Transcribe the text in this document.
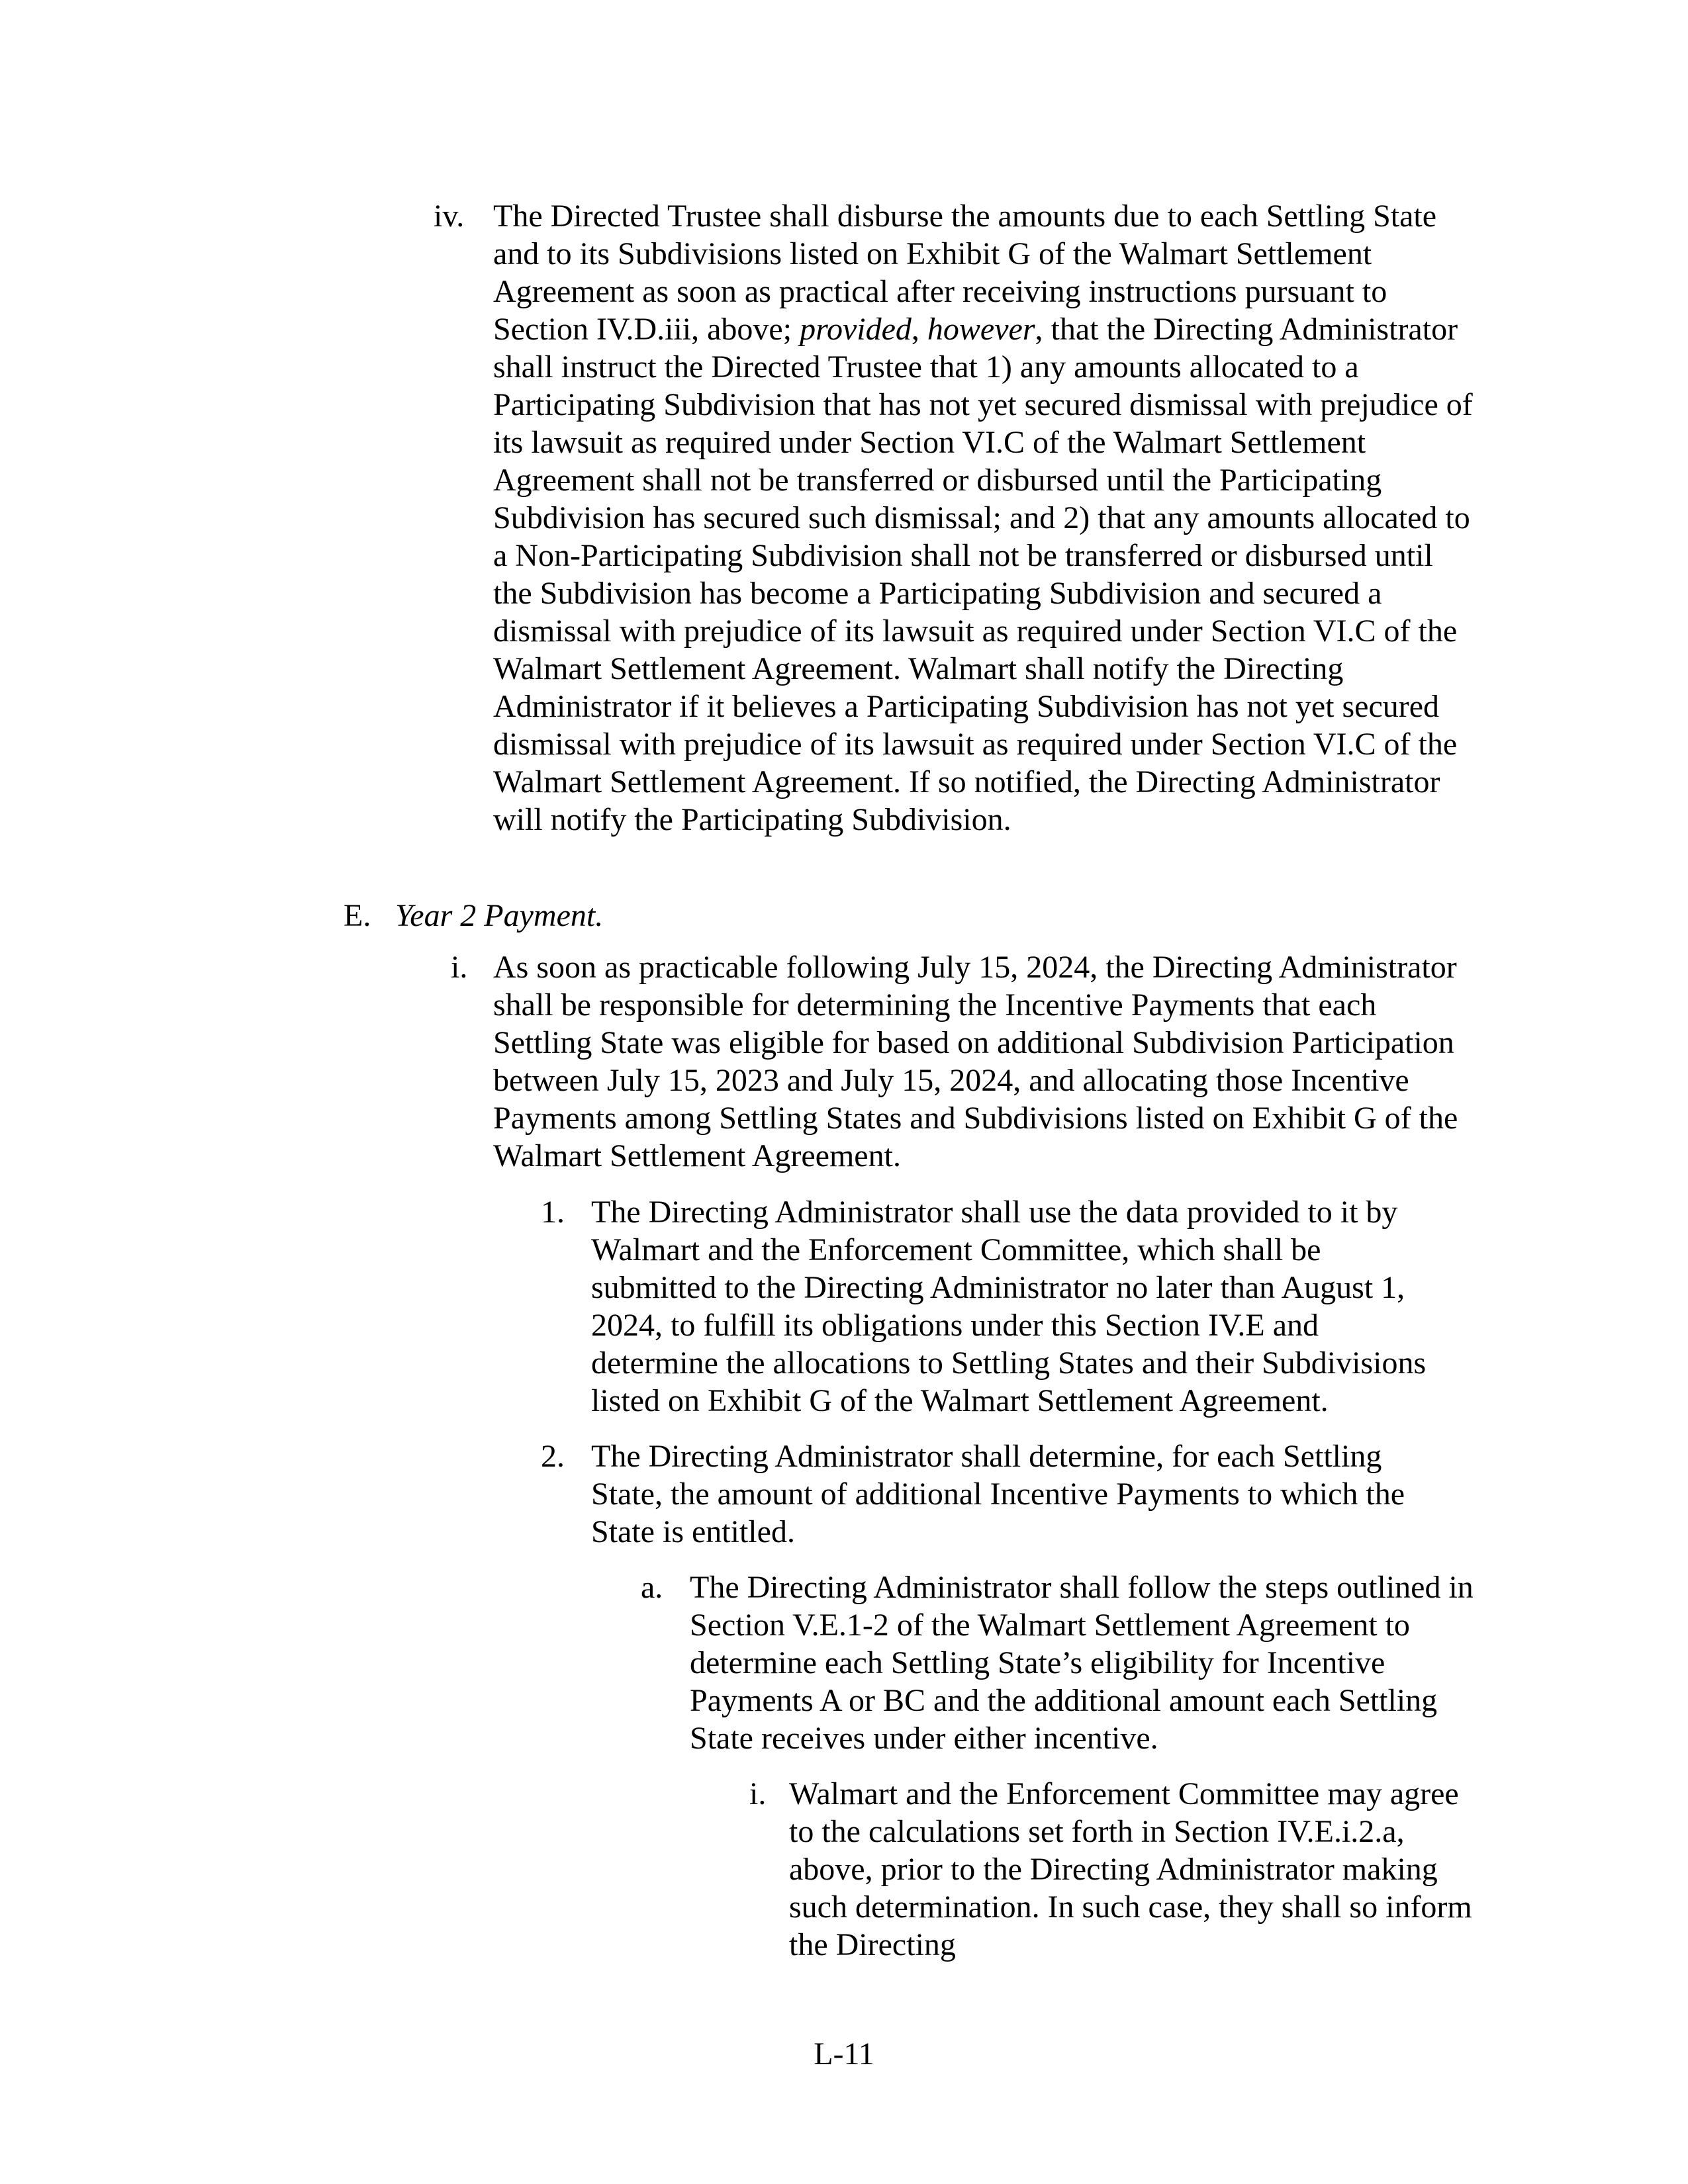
iv. The Directed Trustee shall disburse the amounts due to each Settling State and to its Subdivisions listed on Exhibit G of the Walmart Settlement Agreement as soon as practical after receiving instructions pursuant to Section IV.D.iii, above; provided, however, that the Directing Administrator shall instruct the Directed Trustee that 1) any amounts allocated to a Participating Subdivision that has not yet secured dismissal with prejudice of its lawsuit as required under Section VI.C of the Walmart Settlement Agreement shall not be transferred or disbursed until the Participating Subdivision has secured such dismissal; and 2) that any amounts allocated to a Non-Participating Subdivision shall not be transferred or disbursed until the Subdivision has become a Participating Subdivision and secured a dismissal with prejudice of its lawsuit as required under Section VI.C of the Walmart Settlement Agreement. Walmart shall notify the Directing Administrator if it believes a Participating Subdivision has not yet secured dismissal with prejudice of its lawsuit as required under Section VI.C of the Walmart Settlement Agreement. If so notified, the Directing Administrator will notify the Participating Subdivision.

E. Year 2 Payment.

i. As soon as practicable following July 15, 2024, the Directing Administrator shall be responsible for determining the Incentive Payments that each Settling State was eligible for based on additional Subdivision Participation between July 15, 2023 and July 15, 2024, and allocating those Incentive Payments among Settling States and Subdivisions listed on Exhibit G of the Walmart Settlement Agreement.

1. The Directing Administrator shall use the data provided to it by Walmart and the Enforcement Committee, which shall be submitted to the Directing Administrator no later than August 1, 2024, to fulfill its obligations under this Section IV.E and determine the allocations to Settling States and their Subdivisions listed on Exhibit G of the Walmart Settlement Agreement.

2. The Directing Administrator shall determine, for each Settling State, the amount of additional Incentive Payments to which the State is entitled.

a. The Directing Administrator shall follow the steps outlined in Section V.E.1-2 of the Walmart Settlement Agreement to determine each Settling State’s eligibility for Incentive Payments A or BC and the additional amount each Settling State receives under either incentive.

i. Walmart and the Enforcement Committee may agree to the calculations set forth in Section IV.E.i.2.a, above, prior to the Directing Administrator making such determination. In such case, they shall so inform the Directing

L-11
